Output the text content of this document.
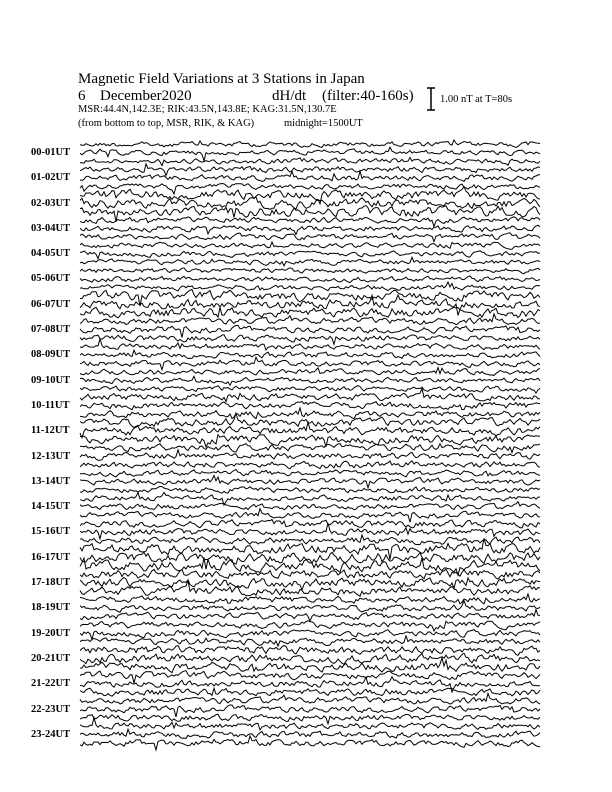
Magnetic Field Variations at 3 Stations in Japan
6 December2020	dH/dt (filter:40-160s)
MSR:44.4N,142.3E; RIK:43.5N,143.8E; KAG:31.5N,130.7E
(from bottom to top, MSR, RIK, & KAG)	midnight=1500UT
1.00 nT at T=80s
00-01UT
01-02UT
02-03UT
03-04UT
04-05UT
05-06UT
06-07UT
07-08UT
08-09UT
09-10UT
10-11UT
11-12UT
12-13UT
13-14UT
14-15UT
15-16UT
16-17UT
17-18UT
18-19UT
19-20UT
20-21UT
21-22UT
22-23UT
23-24UT
